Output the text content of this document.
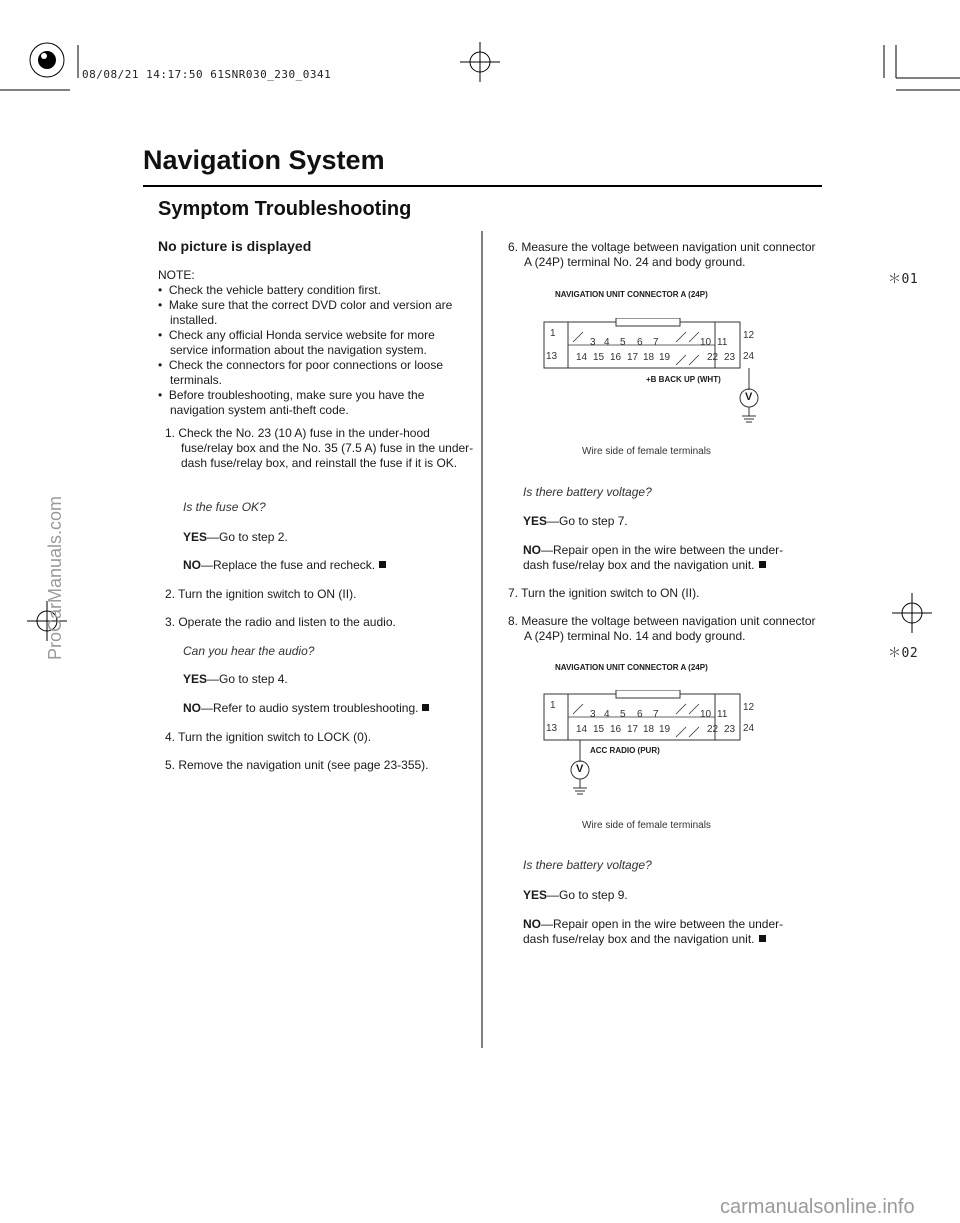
08/08/21 14:17:50 61SNR030_230_0341
Navigation System
Symptom Troubleshooting
No picture is displayed
NOTE:
•  Check the vehicle battery condition first.
•  Make sure that the correct DVD color and version are installed.
•  Check any official Honda service website for more service information about the navigation system.
•  Check the connectors for poor connections or loose terminals.
•  Before troubleshooting, make sure you have the navigation system anti-theft code.
1. Check the No. 23 (10 A) fuse in the under-hood fuse/relay box and the No. 35 (7.5 A) fuse in the under-dash fuse/relay box, and reinstall the fuse if it is OK.
Is the fuse OK?
YES—Go to step 2.
NO—Replace the fuse and recheck.
2. Turn the ignition switch to ON (II).
3. Operate the radio and listen to the audio.
Can you hear the audio?
YES—Go to step 4.
NO—Refer to audio system troubleshooting.
4. Turn the ignition switch to LOCK (0).
5. Remove the navigation unit (see page 23-355).
6. Measure the voltage between navigation unit connector A (24P) terminal No. 24 and body ground.
NAVIGATION UNIT CONNECTOR A (24P)
1
3 4 5 6 7	10 11
12
13 14 15 16 17 18 19	22 23 24
+B BACK UP (WHT)
V
Wire side of female terminals
Is there battery voltage?
YES—Go to step 7.
NO—Repair open in the wire between the under-dash fuse/relay box and the navigation unit.
7. Turn the ignition switch to ON (II).
8. Measure the voltage between navigation unit connector A (24P) terminal No. 14 and body ground.
NAVIGATION UNIT CONNECTOR A (24P)
1
3 4 5 6 7	10 11
12
13 14 15 16 17 18 19	22 23 24
ACC RADIO (PUR)
V
Wire side of female terminals
Is there battery voltage?
YES—Go to step 9.
NO—Repair open in the wire between the under-dash fuse/relay box and the navigation unit.
＊01
＊02
ProCarManuals.com
carmanualsonline.info
